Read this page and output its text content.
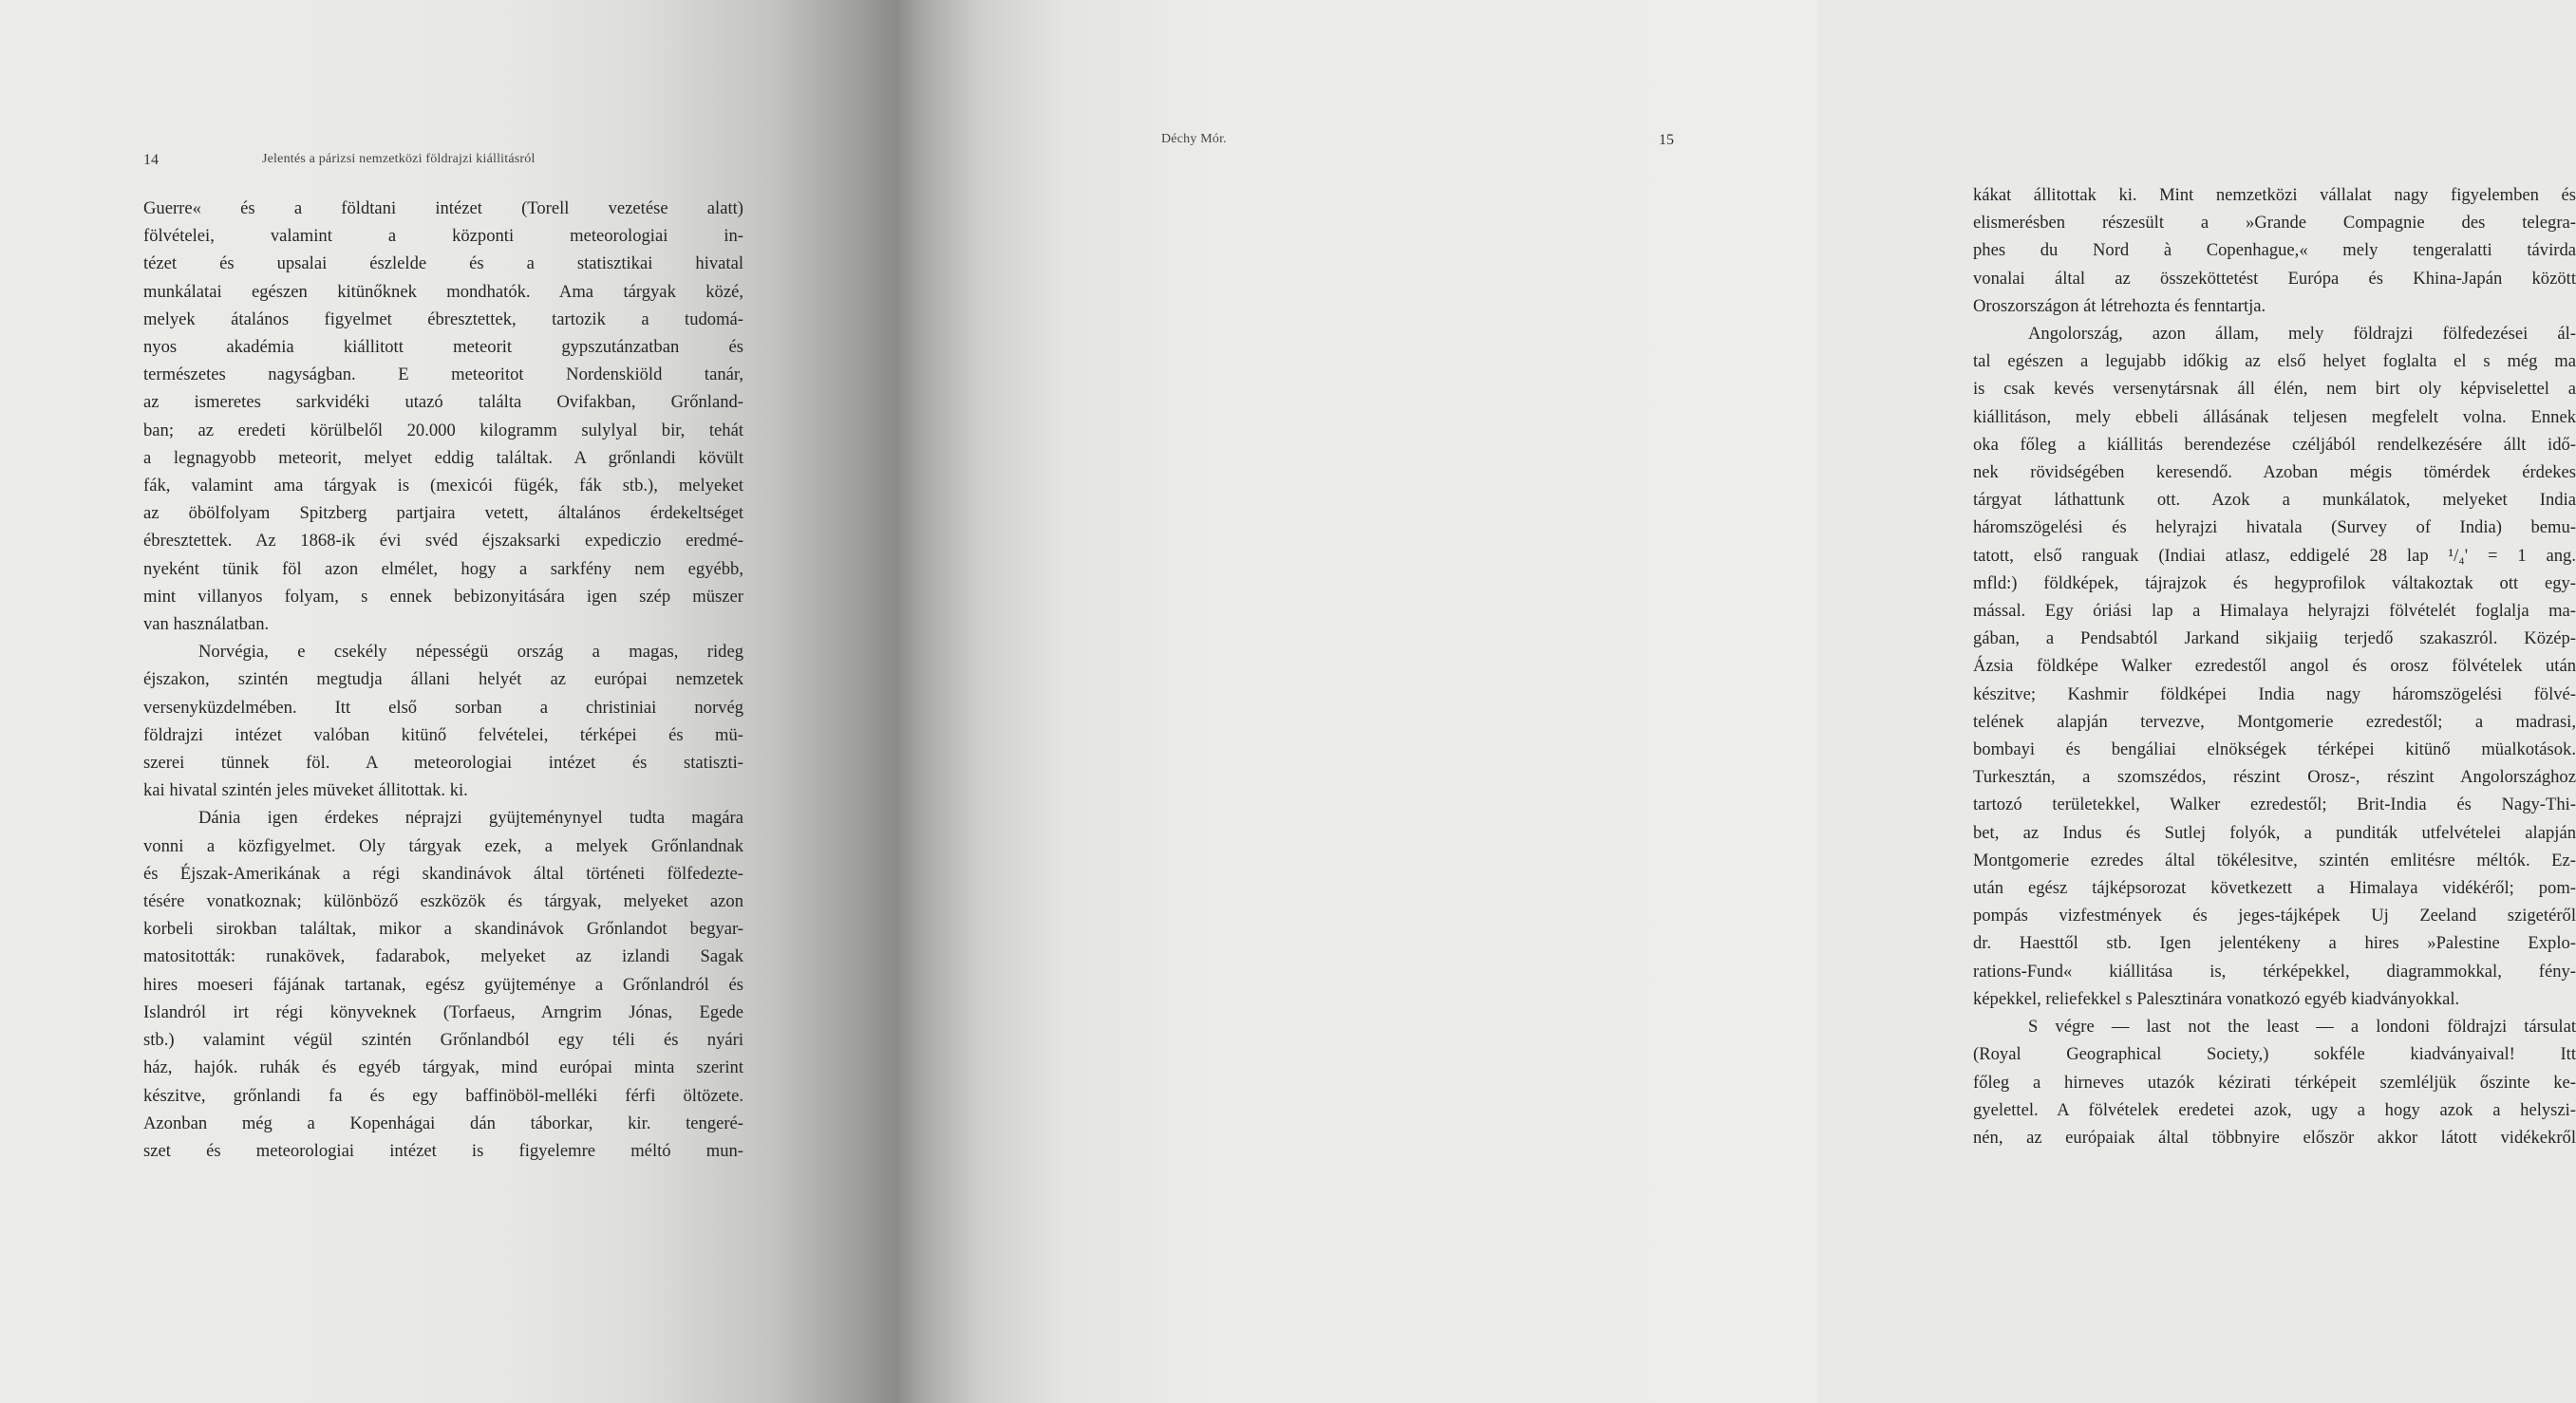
14	Jelentés a párizsi nemzetközi földrajzi kiállitásról
Guerre« és a földtani intézet (Torell vezetése alatt)
fölvételei, valamint a központi meteorologiai in-
tézet és upsalai észlelde és a statisztikai hivatal
munkálatai egészen kitünőknek mondhatók. Ama tárgyak közé,
melyek átalános figyelmet ébresztettek, tartozik a tudomá-
nyos akadémia kiállitott meteorit gypszutánzatban és
természetes nagyságban. E meteoritot Nordenskiöld tanár,
az ismeretes sarkvidéki utazó találta Ovifakban, Grőnland-
ban; az eredeti körülbelől 20.000 kilogramm sulylyal bir, tehát
a legnagyobb meteorit, melyet eddig találtak. A grőnlandi kövült
fák, valamint ama tárgyak is (mexicói fügék, fák stb.), melyeket
az öbölfolyam Spitzberg partjaira vetett, általános érdekeltséget
ébresztettek. Az 1868-ik évi svéd éjszaksarki expediczio eredmé-
nyeként tünik föl azon elmélet, hogy a sarkfény nem egyébb,
mint villanyos folyam, s ennek bebizonyitására igen szép müszer
van használatban.
Norvégia, e csekély népességü ország a magas, rideg
éjszakon, szintén megtudja állani helyét az európai nemzetek
versenyküzdelmében. Itt első sorban a christiniai norvég
földrajzi intézet valóban kitünő felvételei, térképei és mü-
szerei tünnek föl. A meteorologiai intézet és statiszti-
kai hivatal szintén jeles müveket állitottak. ki.
Dánia igen érdekes néprajzi gyüjteménynyel tudta magára
vonni a közfigyelmet. Oly tárgyak ezek, a melyek Grőnlandnak
és Éjszak-Amerikának a régi skandinávok által történeti fölfedezte-
tésére vonatkoznak; különböző eszközök és tárgyak, melyeket azon
korbeli sirokban találtak, mikor a skandinávok Grőnlandot begyar-
matositották: runakövek, fadarabok, melyeket az izlandi Sagak
hires moeseri fájának tartanak, egész gyüjteménye a Grőnlandról és
Islandról irt régi könyveknek (Torfaeus, Arngrim Jónas, Egede
stb.) valamint végül szintén Grőnlandból egy téli és nyári
ház, hajók. ruhák és egyéb tárgyak, mind európai minta szerint
készitve, grőnlandi fa és egy baffinöböl-melléki férfi öltözete.
Azonban még a Kopenhágai dán táborkar, kir. tengeré-
szet és meteorologiai intézet is figyelemre méltó mun-
Déchy Mór.	15
kákat állitottak ki. Mint nemzetközi vállalat nagy figyelemben és
elismerésben részesült a »Grande Compagnie des telegra-
phes du Nord à Copenhague,« mely tengeralatti távirda
vonalai által az összeköttetést Európa és Khina-Japán között
Oroszországon át létrehozta és fenntartja.
Angolország, azon állam, mely földrajzi fölfedezései ál-
tal egészen a legujabb időkig az első helyet foglalta el s még ma
is csak kevés versenytársnak áll élén, nem birt oly képviselettel a
kiállitáson, mely ebbeli állásának teljesen megfelelt volna. Ennek
oka főleg a kiállitás berendezése czéljából rendelkezésére állt idő-
nek rövidségében keresendő. Azoban mégis tömérdek érdekes
tárgyat láthattunk ott. Azok a munkálatok, melyeket India
háromszögelési és helyrajzi hivatala (Survey of India) bemu-
tatott, első ranguak (Indiai atlasz, eddigelé 28 lap ¹/₄' = 1 ang.
mfld:) földképek, tájrajzok és hegyprofilok váltakoztak ott egy-
mással. Egy óriási lap a Himalaya helyrajzi fölvételét foglalja ma-
gában, a Pendsabtól Jarkand sikjaiig terjedő szakaszról. Közép-
Ázsia földképe Walker ezredestől angol és orosz fölvételek után
készitve; Kashmir földképei India nagy háromszögelési fölvé-
telének alapján tervezve, Montgomerie ezredestől; a madrasi,
bombayi és bengáliai elnökségek térképei kitünő müalkotások.
Turkesztán, a szomszédos, részint Orosz-, részint Angolországhoz
tartozó területekkel, Walker ezredestől; Brit-India és Nagy-Thi-
bet, az Indus és Sutlej folyók, a punditák utfelvételei alapján
Montgomerie ezredes által tökélesitve, szintén emlitésre méltók. Ez-
után egész tájképsorozat következett a Himalaya vidékéről; pom-
pompás vizfestmények és jeges-tájképek Uj Zeeland szigetéről
dr. Haesttől stb. Igen jelentékeny a hires »Palestine Explo-
rations-Fund« kiállitása is, térképekkel, diagrammokkal, fény-
képekkel, reliefekkel s Palesztinára vonatkozó egyéb kiadványokkal.
S végre — last not the least — a londoni földrajzi társulat
(Royal Geographical Society,) sokféle kiadványaival! Itt
főleg a hirneves utazók kézirati térképeit szemléljük őszinte ke-
gyelettel. A fölvételek eredetei azok, ugy a hogy azok a helyszi-
nén, az európaiak által többnyire először akkor látott vidékekről
